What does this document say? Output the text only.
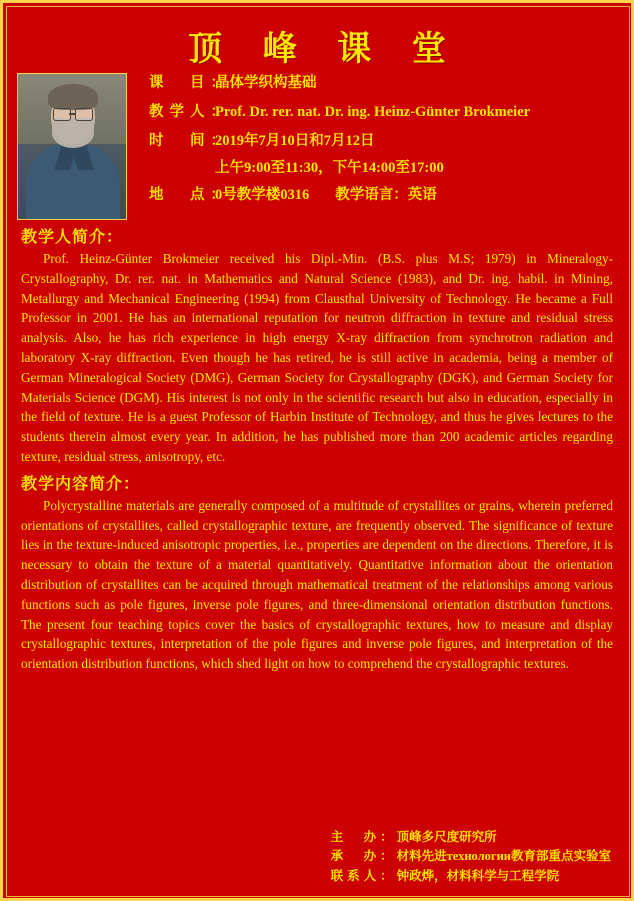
顶 峰 课 堂
课　目：晶体学织构基础
教学人：Prof. Dr. rer. nat. Dr. ing. Heinz-Günter Brokmeier
时　间：2019年7月10日和7月12日
上午9:00至11:30，下午14:00至17:00
地　点：0号教学楼0316 教学语言：英语
教学人简介：
Prof. Heinz-Günter Brokmeier received his Dipl.-Min. (B.S. plus M.S; 1979) in Mineralogy-Crystallography, Dr. rer. nat. in Mathematics and Natural Science (1983), and Dr. ing. habil. in Mining, Metallurgy and Mechanical Engineering (1994) from Clausthal University of Technology. He became a Full Professor in 2001. He has an international reputation for neutron diffraction in texture and residual stress analysis. Also, he has rich experience in high energy X-ray diffraction from synchrotron radiation and laboratory X-ray diffraction. Even though he has retired, he is still active in academia, being a member of German Mineralogical Society (DMG), German Society for Crystallography (DGK), and German Society for Materials Science (DGM). His interest is not only in the scientific research but also in education, especially in the field of texture. He is a guest Professor of Harbin Institute of Technology, and thus he gives lectures to the students therein almost every year. In addition, he has published more than 200 academic articles regarding texture, residual stress, anisotropy, etc.
教学内容简介：
Polycrystalline materials are generally composed of a multitude of crystallites or grains, wherein preferred orientations of crystallites, called crystallographic texture, are frequently observed. The significance of texture lies in the texture-induced anisotropic properties, i.e., properties are dependent on the directions. Therefore, it is necessary to obtain the texture of a material quantitatively. Quantitative information about the orientation distribution of crystallites can be acquired through mathematical treatment of the relationships among various functions such as pole figures, inverse pole figures, and three-dimensional orientation distribution functions. The present four teaching topics cover the basics of crystallographic textures, how to measure and display crystallographic textures, interpretation of the pole figures and inverse pole figures, and interpretation of the orientation distribution functions, which shed light on how to comprehend the crystallographic textures.
主　办：顶峰多尺度研究所
承　办：材料先进технологии教育部重点实验室
联系人：钟政烨，材料科学与工程学院
